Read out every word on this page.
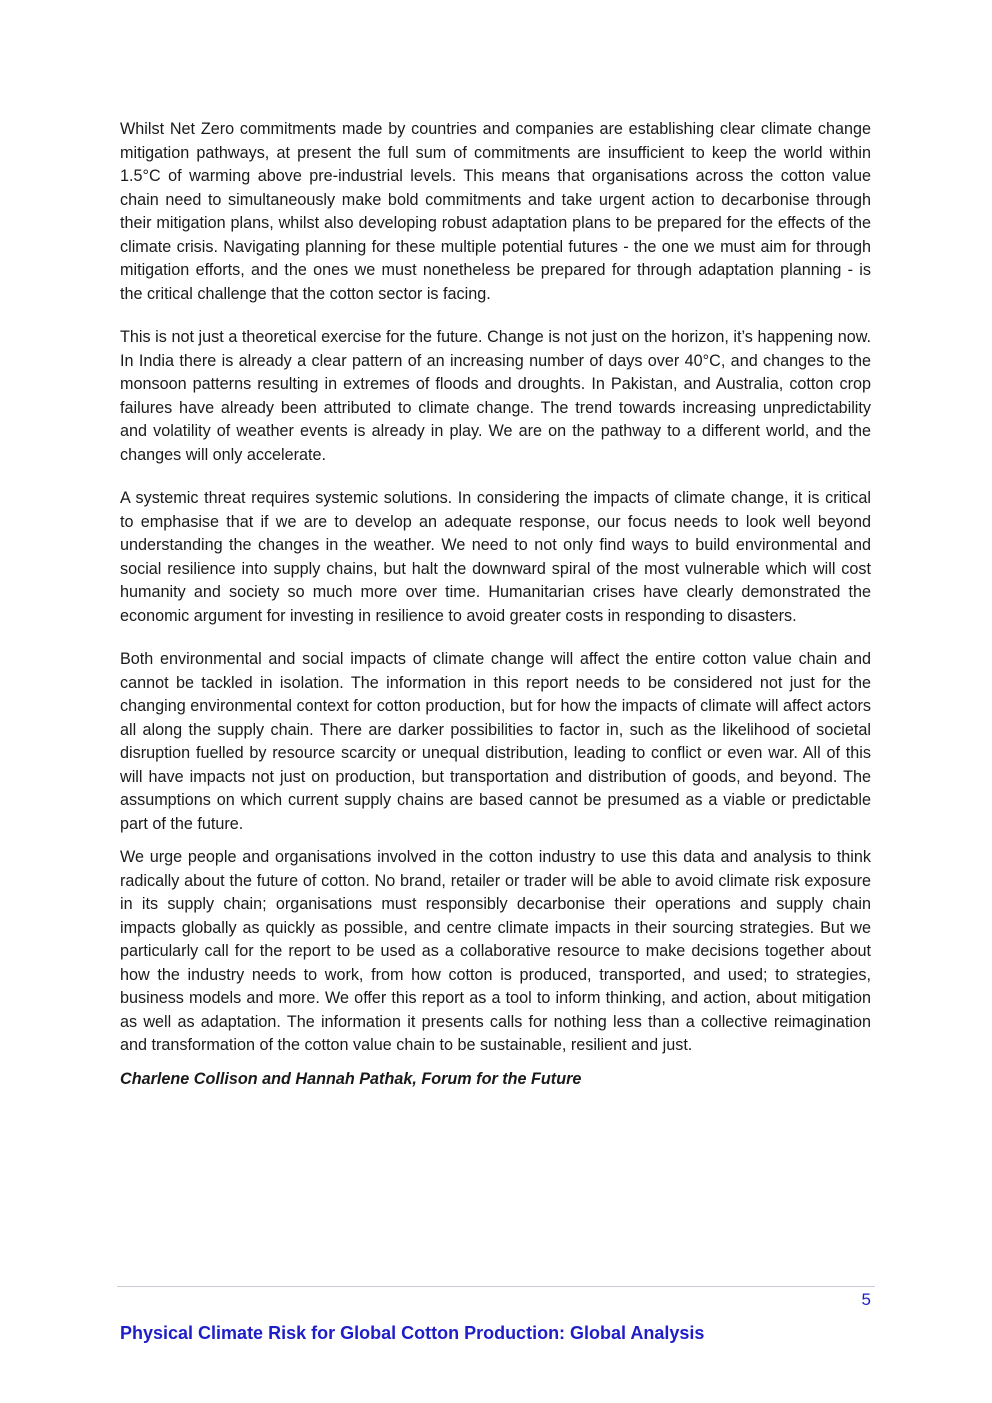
Whilst Net Zero commitments made by countries and companies are establishing clear climate change mitigation pathways, at present the full sum of commitments are insufficient to keep the world within 1.5°C of warming above pre-industrial levels. This means that organisations across the cotton value chain need to simultaneously make bold commitments and take urgent action to decarbonise through their mitigation plans, whilst also developing robust adaptation plans to be prepared for the effects of the climate crisis. Navigating planning for these multiple potential futures - the one we must aim for through mitigation efforts, and the ones we must nonetheless be prepared for through adaptation planning - is the critical challenge that the cotton sector is facing.

This is not just a theoretical exercise for the future. Change is not just on the horizon, it’s happening now. In India there is already a clear pattern of an increasing number of days over 40°C, and changes to the monsoon patterns resulting in extremes of floods and droughts. In Pakistan, and Australia, cotton crop failures have already been attributed to climate change. The trend towards increasing unpredictability and volatility of weather events is already in play. We are on the pathway to a different world, and the changes will only accelerate.

A systemic threat requires systemic solutions. In considering the impacts of climate change, it is critical to emphasise that if we are to develop an adequate response, our focus needs to look well beyond understanding the changes in the weather. We need to not only find ways to build environmental and social resilience into supply chains, but halt the downward spiral of the most vulnerable which will cost humanity and society so much more over time. Humanitarian crises have clearly demonstrated the economic argument for investing in resilience to avoid greater costs in responding to disasters.

Both environmental and social impacts of climate change will affect the entire cotton value chain and cannot be tackled in isolation. The information in this report needs to be considered not just for the changing environmental context for cotton production, but for how the impacts of climate will affect actors all along the supply chain. There are darker possibilities to factor in, such as the likelihood of societal disruption fuelled by resource scarcity or unequal distribution, leading to conflict or even war. All of this will have impacts not just on production, but transportation and distribution of goods, and beyond. The assumptions on which current supply chains are based cannot be presumed as a viable or predictable part of the future.

We urge people and organisations involved in the cotton industry to use this data and analysis to think radically about the future of cotton. No brand, retailer or trader will be able to avoid climate risk exposure in its supply chain; organisations must responsibly decarbonise their operations and supply chain impacts globally as quickly as possible, and centre climate impacts in their sourcing strategies. But we particularly call for the report to be used as a collaborative resource to make decisions together about how the industry needs to work, from how cotton is produced, transported, and used; to strategies, business models and more. We offer this report as a tool to inform thinking, and action, about mitigation as well as adaptation. The information it presents calls for nothing less than a collective reimagination and transformation of the cotton value chain to be sustainable, resilient and just.

Charlene Collison and Hannah Pathak, Forum for the Future

5
Physical Climate Risk for Global Cotton Production: Global Analysis
